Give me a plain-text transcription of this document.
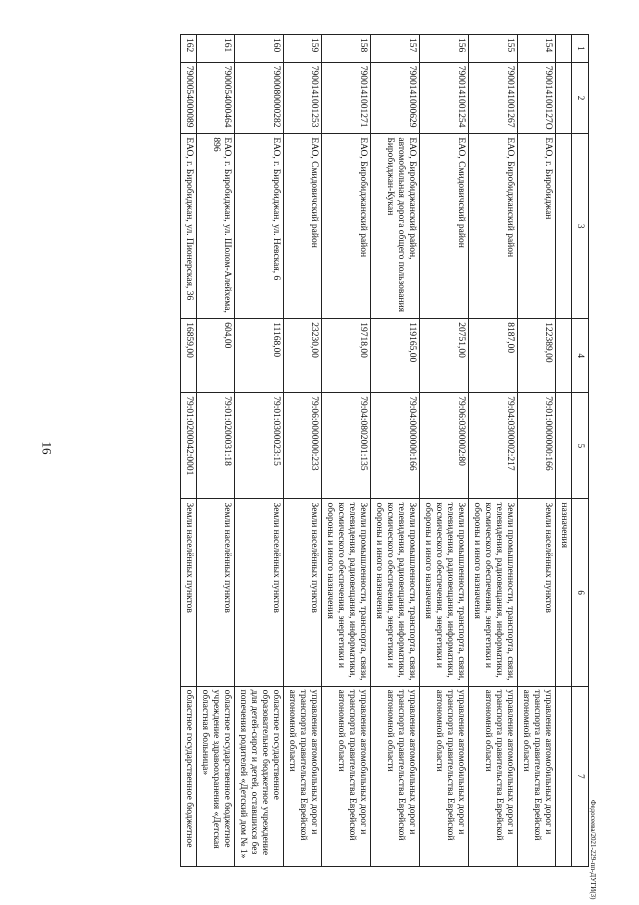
16
Федосеева/2021-229-пп-ДУГИ(3)
1	2	3	4	5	6	7
					назначения	
154	790014100127O	ЕАО, г. Биробиджан	122389,00	79:01:0000000:166	Земли населённых пунктов	управление автомобильных дорог и транспорта правительства Еврейской автономной области
155	7900141001267	ЕАО, Биробиджанский район	8187,00	79:04:0300002:217	Земли промышленности, транспорта, связи, телевидения, радиовещания, информатики, космического обеспечения, энергетики и обороны и иного назначения	управление автомобильных дорог и транспорта правительства Еврейской автономной области
156	7900141001254	ЕАО, Смидовичский район	20751,00	79:06:0300002:80	Земли промышленности, транспорта, связи, телевидения, радиовещания, информатики, космического обеспечения, энергетики и обороны и иного назначения	управление автомобильных дорог и транспорта правительства Еврейской автономной области
157	7900141000629	ЕАО, Биробиджанский район, автомобильная дорога общего пользования Биробиджан-Кукан	119165,00	79:04:0000000:166	Земли промышленности, транспорта, связи, телевидения, радиовещания, информатики, космического обеспечения, энергетики и обороны и иного назначения	управление автомобильных дорог и транспорта правительства Еврейской автономной области
158	7900141001271	ЕАО, Биробиджанский район	19718,00	79:04:0802001:135	Земли промышленности, транспорта, связи, телевидения, радиовещания, информатики, космического обеспечения, энергетики и обороны и иного назначения	управление автомобильных дорог и транспорта правительства Еврейской автономной области
159	7900141001253	ЕАО, Смидовичский район	23230,00	79:06:0000000:233	Земли населённых пунктов	управление автомобильных дорог и транспорта правительства Еврейской автономной области
160	7900080000282	ЕАО, г. Биробиджан, ул. Невская, 6	11168,00	79:01:0300023:15	Земли населённых пунктов	областное государственное образовательное бюджетное учреждение для детей-сирот и детей, оставшихся без попечения родителей «Детский дом № 1»
161	7900054000464	ЕАО, г. Биробиджан, ул. Шолом-Алейхема, 896	604,00	79:01:0200031:18	Земли населённых пунктов	областное государственное бюджетное учреждение здравоохранения «Детская областная больница»
162	7900054000089	ЕАО, г. Биробиджан, ул. Пионерская, 36	16859,00	79:01:0200042:0001	Земли населённых пунктов	областное государственное бюджетное
